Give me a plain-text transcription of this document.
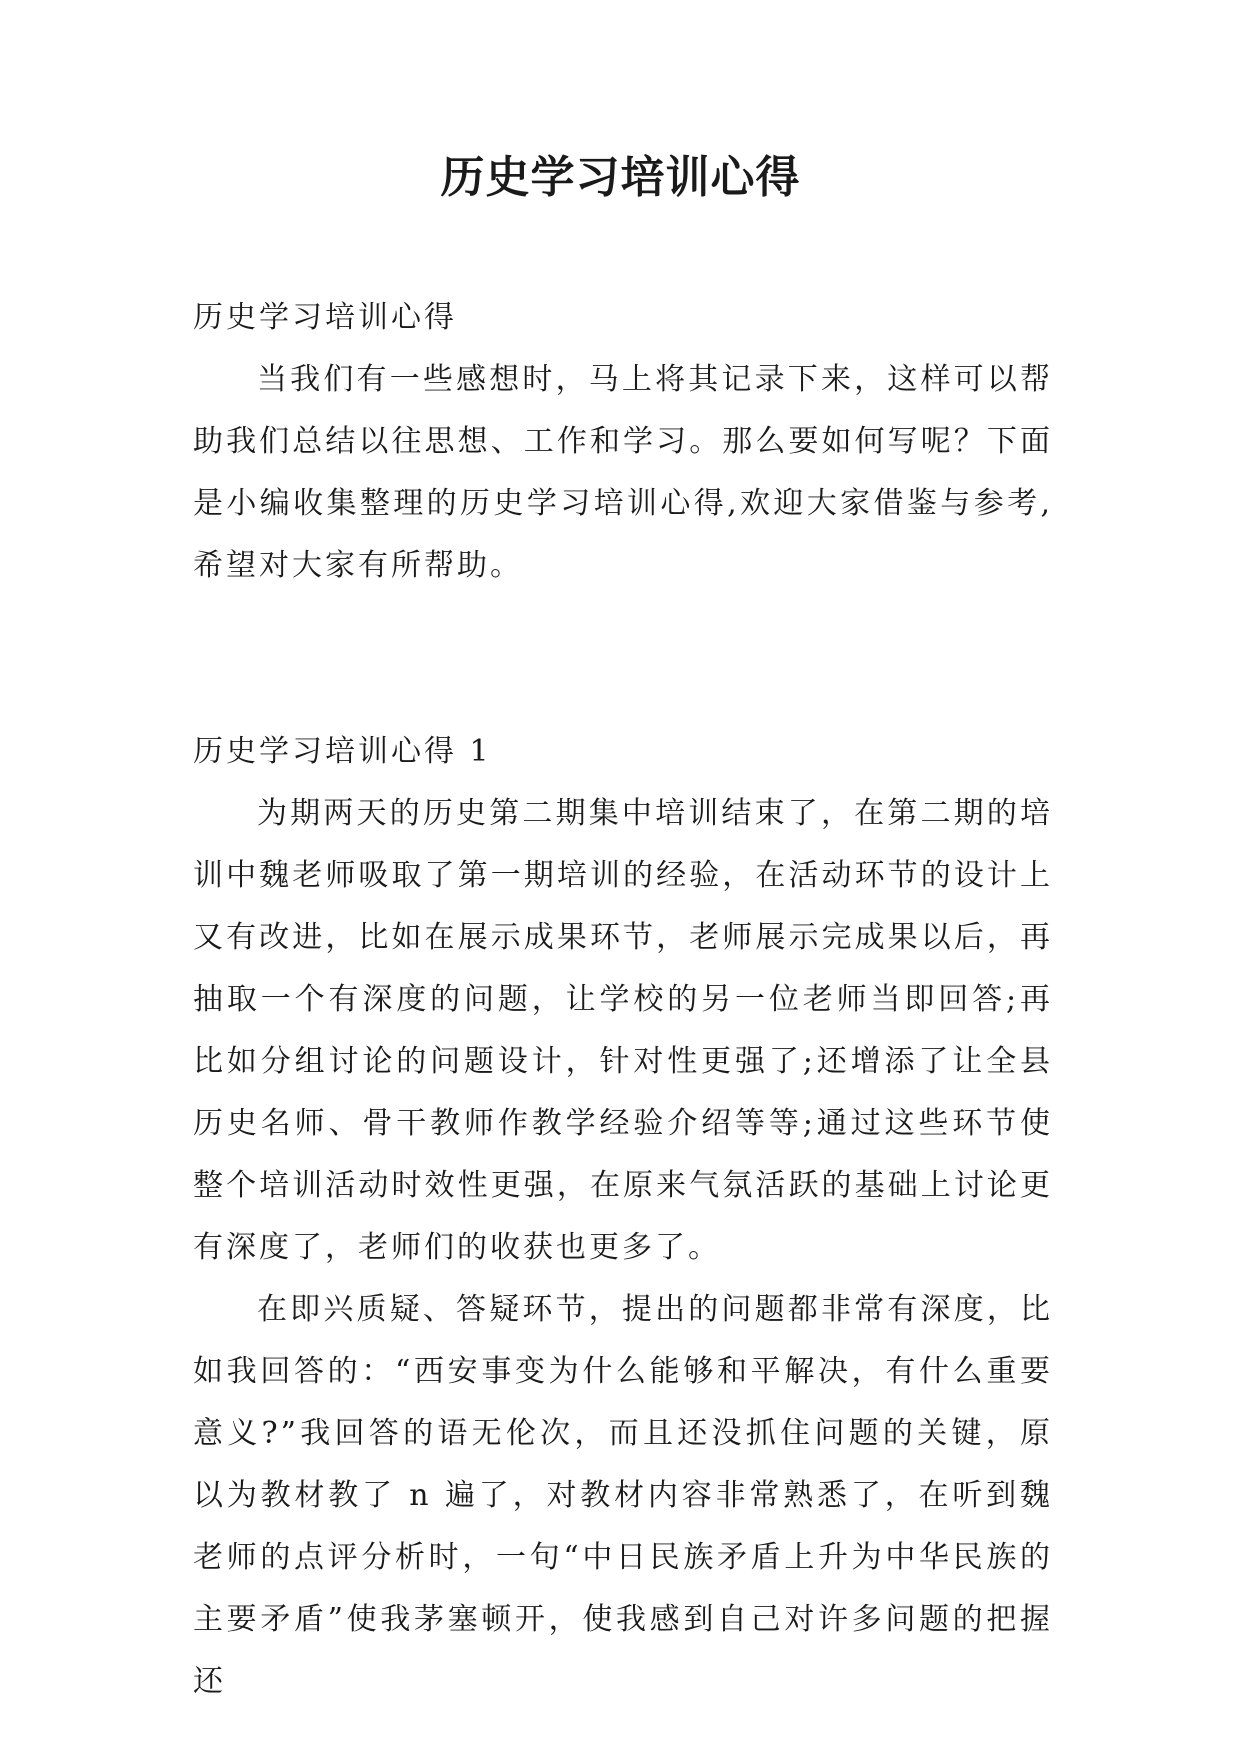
历史学习培训心得

历史学习培训心得

当我们有一些感想时，马上将其记录下来，这样可以帮助我们总结以往思想、工作和学习。那么要如何写呢？下面是小编收集整理的历史学习培训心得,欢迎大家借鉴与参考,希望对大家有所帮助。

历史学习培训心得 1

为期两天的历史第二期集中培训结束了，在第二期的培训中魏老师吸取了第一期培训的经验，在活动环节的设计上又有改进，比如在展示成果环节，老师展示完成果以后，再抽取一个有深度的问题，让学校的另一位老师当即回答;再比如分组讨论的问题设计，针对性更强了;还增添了让全县历史名师、骨干教师作教学经验介绍等等;通过这些环节使整个培训活动时效性更强，在原来气氛活跃的基础上讨论更有深度了，老师们的收获也更多了。

在即兴质疑、答疑环节，提出的问题都非常有深度，比如我回答的：“西安事变为什么能够和平解决，有什么重要意义?”我回答的语无伦次，而且还没抓住问题的关键，原以为教材教了 n 遍了，对教材内容非常熟悉了，在听到魏老师的点评分析时，一句“中日民族矛盾上升为中华民族的主要矛盾”使我茅塞顿开，使我感到自己对许多问题的把握还
